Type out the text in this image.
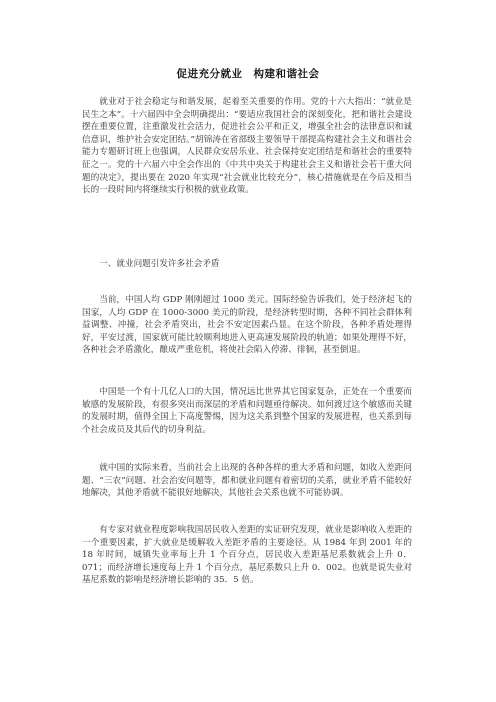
促进充分就业　构建和谐社会

就业对于社会稳定与和谐发展，起着至关重要的作用。党的十六大指出：“就业是民生之本”。十六届四中全会明确提出：“要适应我国社会的深刻变化，把和谐社会建设摆在重要位置，注重激发社会活力，促进社会公平和正义，增强全社会的法律意识和诚信意识，维护社会安定团结。”胡锦涛在省部级主要领导干部提高构建社会主义和谐社会能力专题研讨班上也强调，人民群众安居乐业、社会保持安定团结是和谐社会的重要特征之一。党的十六届六中全会作出的《中共中央关于构建社会主义和谐社会若干重大问题的决定》，提出要在 2020 年实现“社会就业比较充分”，核心措施就是在今后及相当长的一段时间内将继续实行积极的就业政策。

一、就业问题引发许多社会矛盾

当前，中国人均 GDP 刚刚超过 1000 美元。国际经验告诉我们，处于经济起飞的国家，人均 GDP 在 1000-3000 美元的阶段，是经济转型时期，各种不同社会群体利益调整、冲撞，社会矛盾突出，社会不安定因素凸显。在这个阶段，各种矛盾处理得好，平安过渡，国家就可能比较顺利地进入更高速发展阶段的轨道；如果处理得不好，各种社会矛盾激化，酿成严重危机，将使社会陷入停滞、徘徊，甚至倒退。

中国是一个有十几亿人口的大国，情况远比世界其它国家复杂，正处在一个重要而敏感的发展阶段，有很多突出而深层的矛盾和问题亟待解决。如何渡过这个敏感而关键的发展时期，值得全国上下高度警惕，因为这关系到整个国家的发展进程，也关系到每个社会成员及其后代的切身利益。

就中国的实际来看，当前社会上出现的各种各样的重大矛盾和问题，如收入差距问题、“三农”问题、社会治安问题等，都和就业问题有着密切的关系，就业矛盾不能较好地解决，其他矛盾就不能很好地解决，其他社会关系也就不可能协调。

有专家对就业程度影响我国居民收入差距的实证研究发现，就业是影响收入差距的一个重要因素，扩大就业是缓解收入差距矛盾的主要途径。从 1984 年到 2001 年的 18 年时间，城镇失业率每上升 1 个百分点，居民收入差距基尼系数就会上升 0．071；而经济增长速度每上升 1 个百分点，基尼系数只上升 0．002。也就是说失业对基尼系数的影响是经济增长影响的 35．5 倍。
